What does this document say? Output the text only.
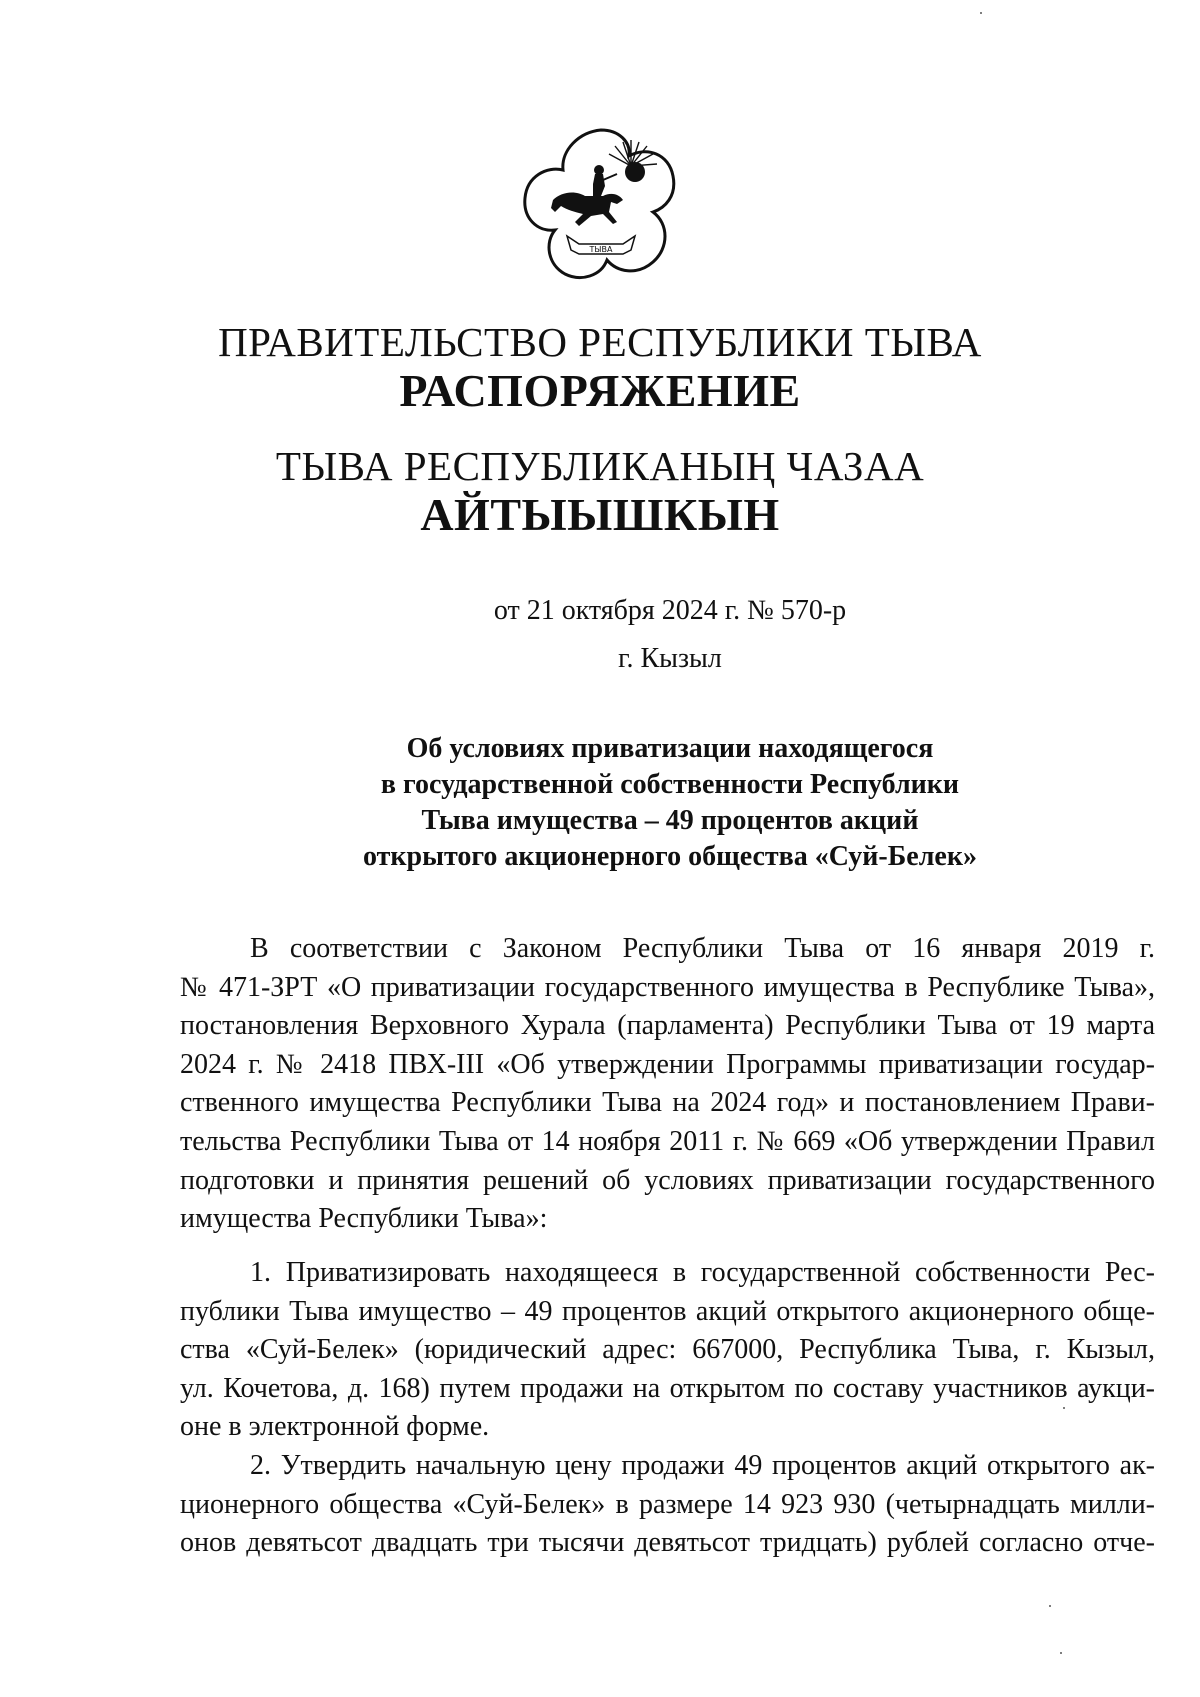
ТЫВА
ПРАВИТЕЛЬСТВО РЕСПУБЛИКИ ТЫВА
РАСПОРЯЖЕНИЕ
ТЫВА РЕСПУБЛИКАНЫҢ ЧАЗАА
АЙТЫЫШКЫН
от 21 октября 2024 г. № 570-р
г. Кызыл
Об условиях приватизации находящегося
в государственной собственности Республики
Тыва имущества – 49 процентов акций
открытого акционерного общества «Суй-Белек»
В соответствии с Законом Республики Тыва от 16 января 2019 г.
№ 471-ЗРТ «О приватизации государственного имущества в Республике Тыва»,
постановления Верховного Хурала (парламента) Республики Тыва от 19 марта
2024 г. № 2418 ПВХ-III «Об утверждении Программы приватизации государ-
ственного имущества Республики Тыва на 2024 год» и постановлением Прави-
тельства Республики Тыва от 14 ноября 2011 г. № 669 «Об утверждении Правил
подготовки и принятия решений об условиях приватизации государственного
имущества Республики Тыва»:
1. Приватизировать находящееся в государственной собственности Рес-
публики Тыва имущество – 49 процентов акций открытого акционерного обще-
ства «Суй-Белек» (юридический адрес: 667000, Республика Тыва, г. Кызыл,
ул. Кочетова, д. 168) путем продажи на открытом по составу участников аукци-
оне в электронной форме.
2. Утвердить начальную цену продажи 49 процентов акций открытого ак-
ционерного общества «Суй-Белек» в размере 14 923 930 (четырнадцать милли-
онов девятьсот двадцать три тысячи девятьсот тридцать) рублей согласно отче-
